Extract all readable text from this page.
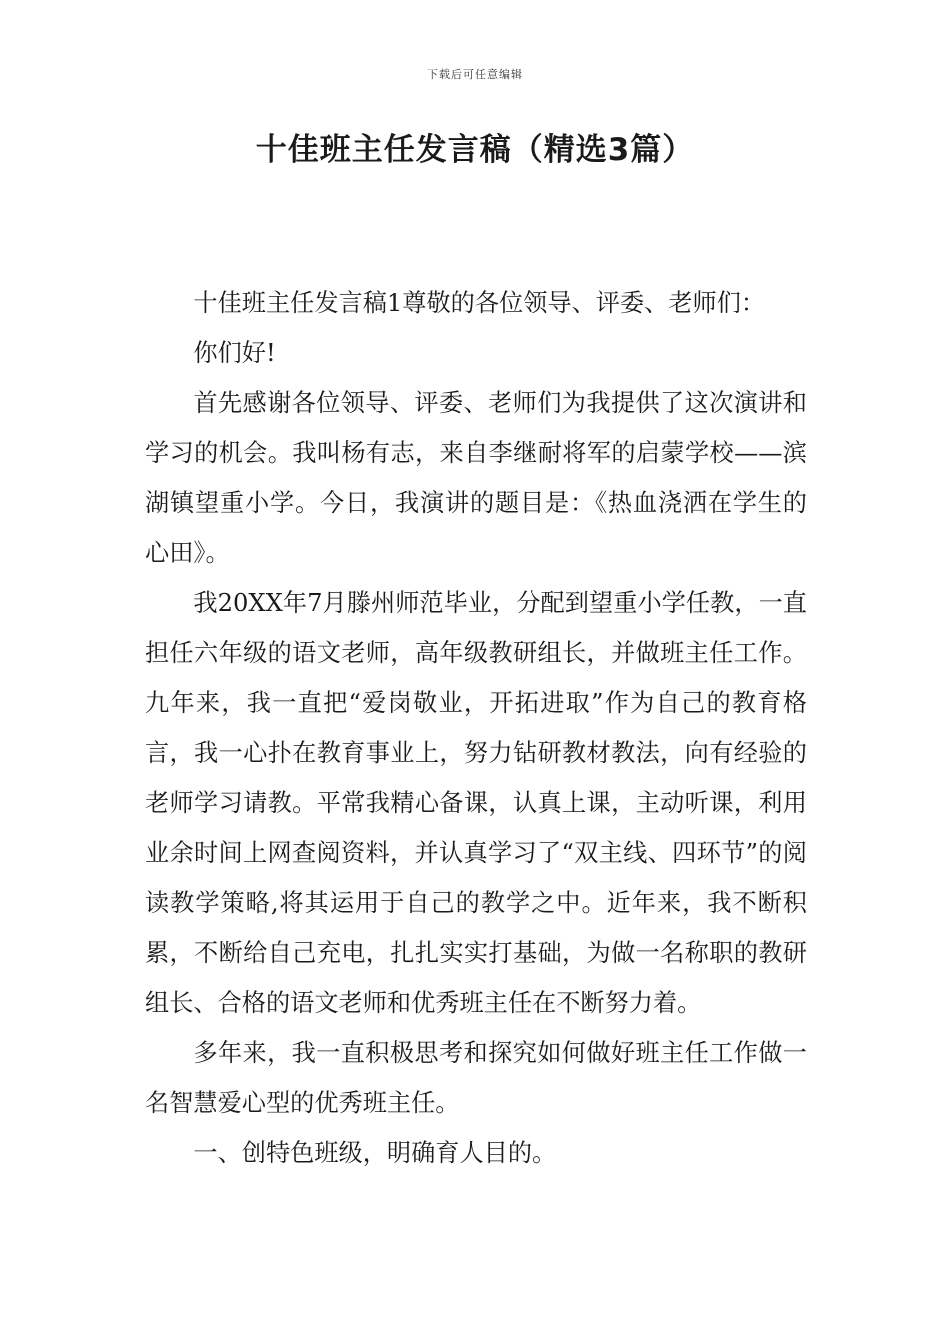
下载后可任意编辑
十佳班主任发言稿（精选3篇）

十佳班主任发言稿1尊敬的各位领导、评委、老师们：

你们好!

首先感谢各位领导、评委、老师们为我提供了这次演讲和学习的机会。我叫杨有志，来自李继耐将军的启蒙学校——滨湖镇望重小学。今日，我演讲的题目是：《热血浇洒在学生的心田》。

我20XX年7月滕州师范毕业，分配到望重小学任教，一直担任六年级的语文老师，高年级教研组长，并做班主任工作。九年来，我一直把“爱岗敬业，开拓进取”作为自己的教育格言，我一心扑在教育事业上，努力钻研教材教法，向有经验的老师学习请教。平常我精心备课，认真上课，主动听课，利用业余时间上网查阅资料，并认真学习了“双主线、四环节”的阅读教学策略,将其运用于自己的教学之中。近年来，我不断积累，不断给自己充电，扎扎实实打基础，为做一名称职的教研组长、合格的语文老师和优秀班主任在不断努力着。

多年来，我一直积极思考和探究如何做好班主任工作做一名智慧爱心型的优秀班主任。

一、创特色班级，明确育人目的。
